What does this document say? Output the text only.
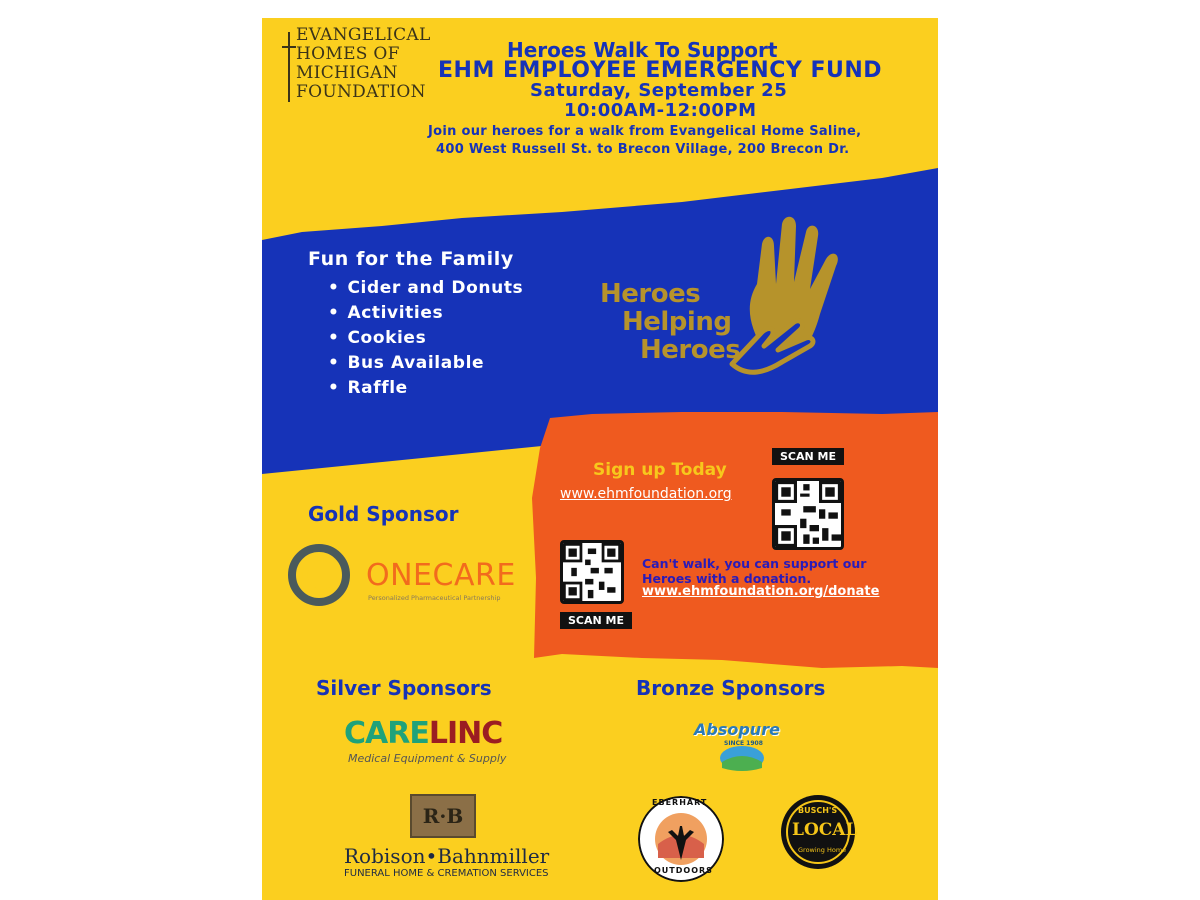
EVANGELICAL
HOMES OF
MICHIGAN
FOUNDATION
Heroes Walk To Support
EHM EMPLOYEE EMERGENCY FUND
Saturday, September 25
10:00AM-12:00PM
Join our heroes for a walk from Evangelical Home Saline,
400 West Russell St. to Brecon Village, 200 Brecon Dr.
Fun for the Family
• Cider and Donuts
• Activities
• Cookies
• Bus Available
• Raffle
Heroes
Helping
Heroes
Sign up Today
www.ehmfoundation.org
SCAN ME
SCAN ME
Can't walk, you can support our
Heroes with a donation.
www.ehmfoundation.org/donate
Gold Sponsor
ONECARE
Personalized Pharmaceutical Partnership
Silver Sponsors
CARELINC
Medical Equipment & Supply
R·B
Robison•Bahnmiller
FUNERAL HOME & CREMATION SERVICES
Bronze Sponsors
Absopure
SINCE 1908
EBERHART
OUTDOORS
BUSCH'S
LOCAL
Growing Home
